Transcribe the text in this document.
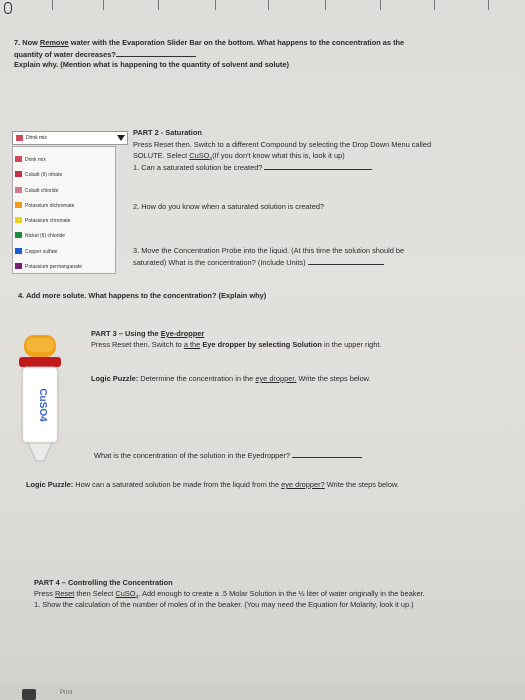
7. Now Remove water with the Evaporation Slider Bar on the bottom. What happens to the concentration as the
quantity of water decreases?
Explain why. (Mention what is happening to the quantity of solvent and solute)
Drink mix
Drink mix
Cobalt (II) nitrate
Cobalt chloride
Potassium dichromate
Potassium chromate
Nickel (II) chloride
Copper sulfate
Potassium permanganate
PART 2 - Saturation
Press Reset then. Switch to a different Compound by selecting the Drop Down Menu called
SOLUTE. Select CuSO$_4$(If you don't know what this is, look it up)
1. Can a saturated solution be created?
2. How do you know when a saturated solution is created?
3. Move the Concentration Probe into the liquid. (At this time the solution should be
saturated) What is the concentration? (Include Units)
4. Add more solute. What happens to the concentration? (Explain why)
PART 3 – Using the Eye-dropper
Press Reset then. Switch to a the Eye dropper by selecting Solution in the upper right.
Logic Puzzle: Determine the concentration in the eye dropper. Write the steps below.
CuSO4
What is the concentration of the solution in the Eyedropper?
Logic Puzzle: How can a saturated solution be made from the liquid from the eye dropper? Write the steps below.
PART 4 – Controlling the Concentration
Press Reset then Select CuSO$_4$. Add enough to create a .5 Molar Solution in the ½ liter of water originally in the beaker.
1. Show the calculation of the number of moles of in the beaker. (You may need the Equation for Molarity, look it up.)
Print
